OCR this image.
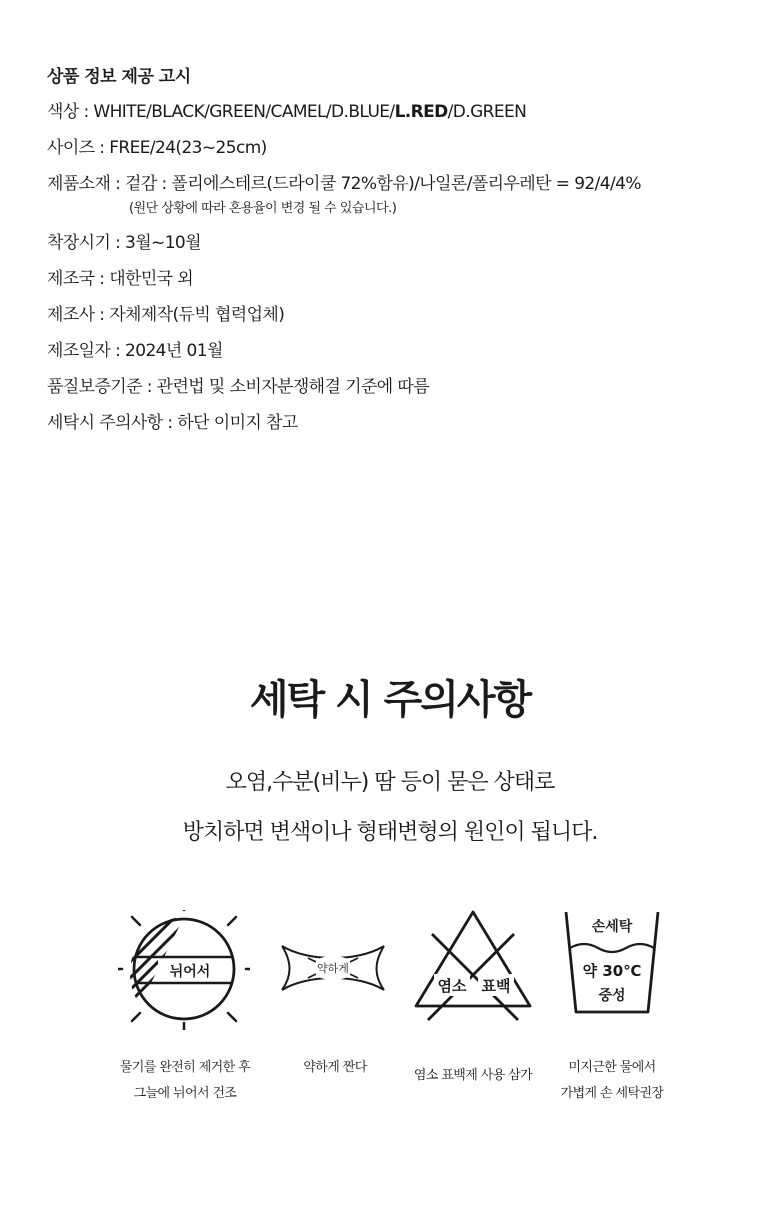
상품 정보 제공 고시
색상 : WHITE/BLACK/GREEN/CAMEL/D.BLUE/L.RED/D.GREEN
사이즈 : FREE/24(23~25cm)
제품소재 : 겉감 : 폴리에스테르(드라이쿨 72%함유)/나일론/폴리우레탄 = 92/4/4%
(원단 상황에 따라 혼용율이 변경 될 수 있습니다.)
착장시기 : 3월~10월
제조국 : 대한민국 외
제조사 : 자체제작(듀빅 협력업체)
제조일자 : 2024년 01월
품질보증기준 : 관련법 및 소비자분쟁해결 기준에 따름
세탁시 주의사항 : 하단 이미지 참고
세탁 시 주의사항

오염,수분(비누) 땀 등이 묻은 상태로

방치하면 변색이나 형태변형의 원인이 됩니다.

뉘어서	약하게
염소 표백
손세탁
약 30℃
중성
물기를 완전히 제거한 후
그늘에 뉘어서 건조
약하게 짠다
염소 표백제 사용 삼가
미지근한 물에서
가볍게 손 세탁권장
